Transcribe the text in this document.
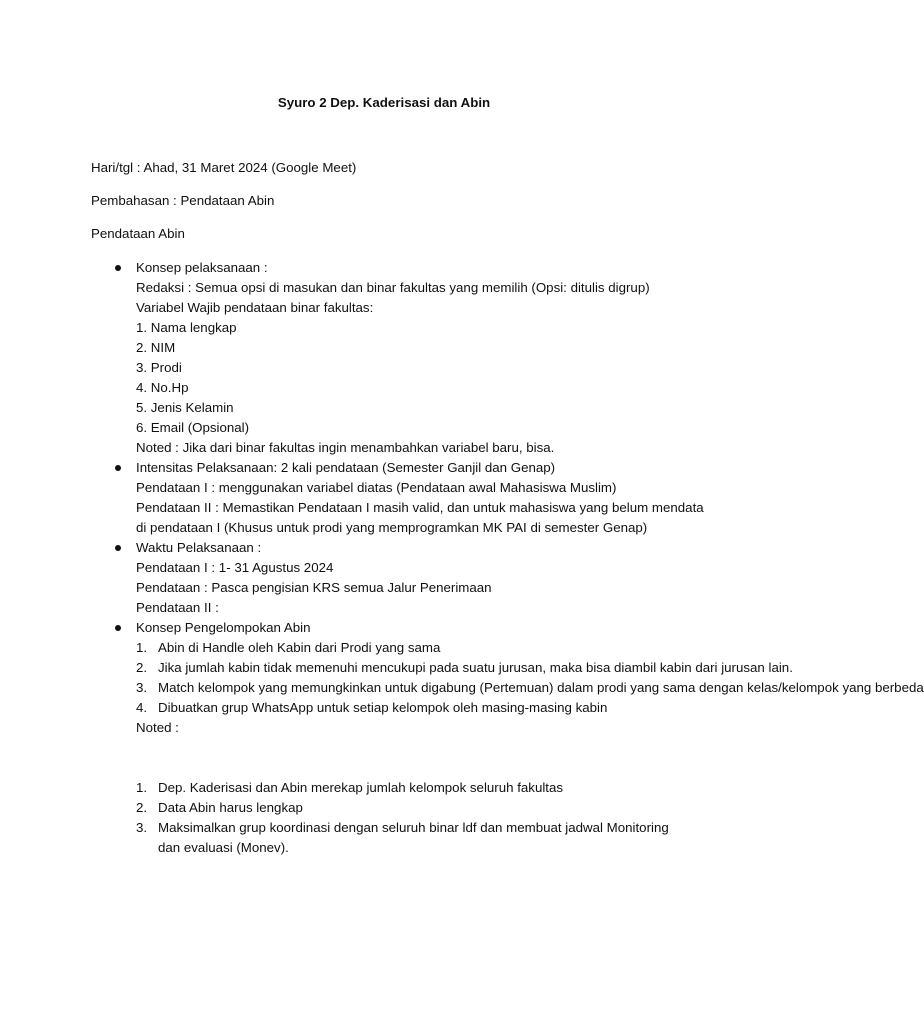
Syuro 2 Dep. Kaderisasi dan Abin
Hari/tgl : Ahad, 31 Maret 2024 (Google Meet)
Pembahasan : Pendataan Abin
Pendataan Abin
Konsep pelaksanaan :
Redaksi : Semua opsi di masukan dan binar fakultas yang memilih (Opsi: ditulis digrup)
Variabel Wajib pendataan binar fakultas:
1. Nama lengkap
2. NIM
3. Prodi
4. No.Hp
5. Jenis Kelamin
6. Email (Opsional)
Noted : Jika dari binar fakultas ingin menambahkan variabel baru, bisa.
Intensitas Pelaksanaan: 2 kali pendataan (Semester Ganjil dan Genap)
Pendataan I : menggunakan variabel diatas (Pendataan awal Mahasiswa Muslim)
Pendataan II : Memastikan Pendataan I masih valid, dan untuk mahasiswa yang belum mendata
di pendataan I (Khusus untuk prodi yang memprogramkan MK PAI di semester Genap)
Waktu Pelaksanaan :
Pendataan I : 1- 31 Agustus 2024
Pendataan : Pasca pengisian KRS semua Jalur Penerimaan
Pendataan II :
Konsep Pengelompokan Abin
1. Abin di Handle oleh Kabin dari Prodi yang sama
2. Jika jumlah kabin tidak memenuhi mencukupi pada suatu jurusan, maka bisa diambil kabin dari jurusan lain.
3. Match kelompok yang memungkinkan untuk digabung (Pertemuan) dalam prodi yang sama dengan kelas/kelompok yang berbeda
4. Dibuatkan grup WhatsApp untuk setiap kelompok oleh masing-masing kabin
Noted :
1. Dep. Kaderisasi dan Abin merekap jumlah kelompok seluruh fakultas
2. Data Abin harus lengkap
3. Maksimalkan grup koordinasi dengan seluruh binar ldf dan membuat jadwal Monitoring dan evaluasi (Monev).
